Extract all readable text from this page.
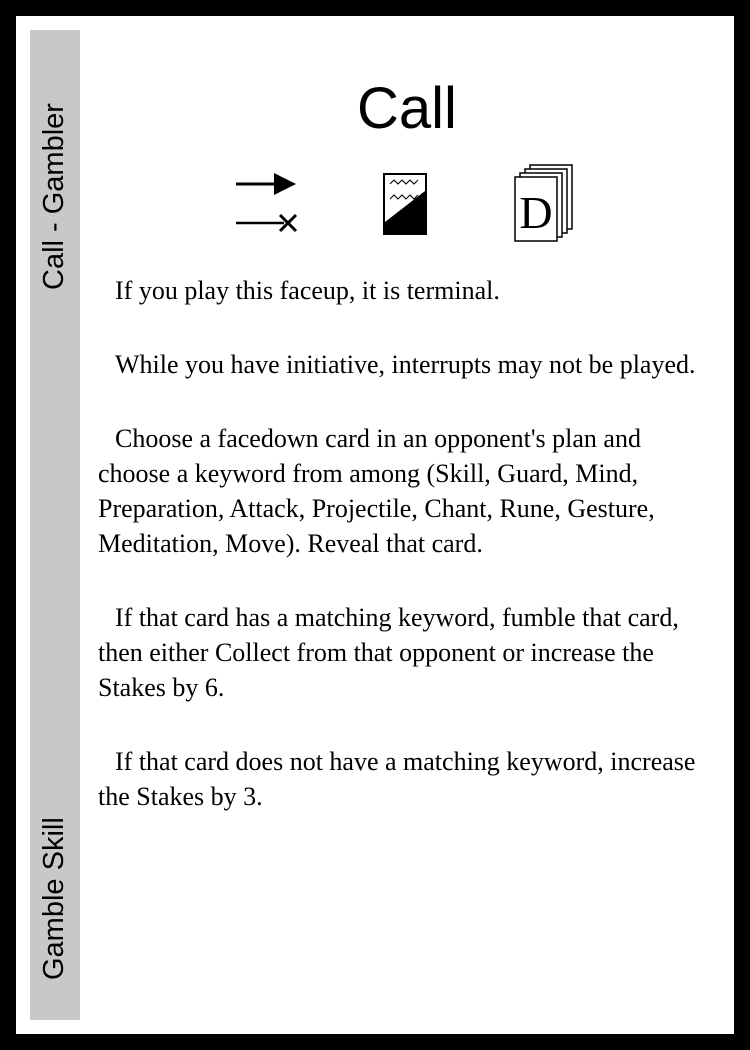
Call - Gambler
Gamble Skill
Call
D

If you play this faceup, it is terminal.

While you have initiative, interrupts may not be played.

Choose a facedown card in an opponent's plan and choose a keyword from among (Skill, Guard, Mind, Preparation, Attack, Projectile, Chant, Rune, Gesture, Meditation, Move). Reveal that card.

If that card has a matching keyword, fumble that card, then either Collect from that opponent or increase the Stakes by 6.

If that card does not have a matching keyword, increase the Stakes by 3.
